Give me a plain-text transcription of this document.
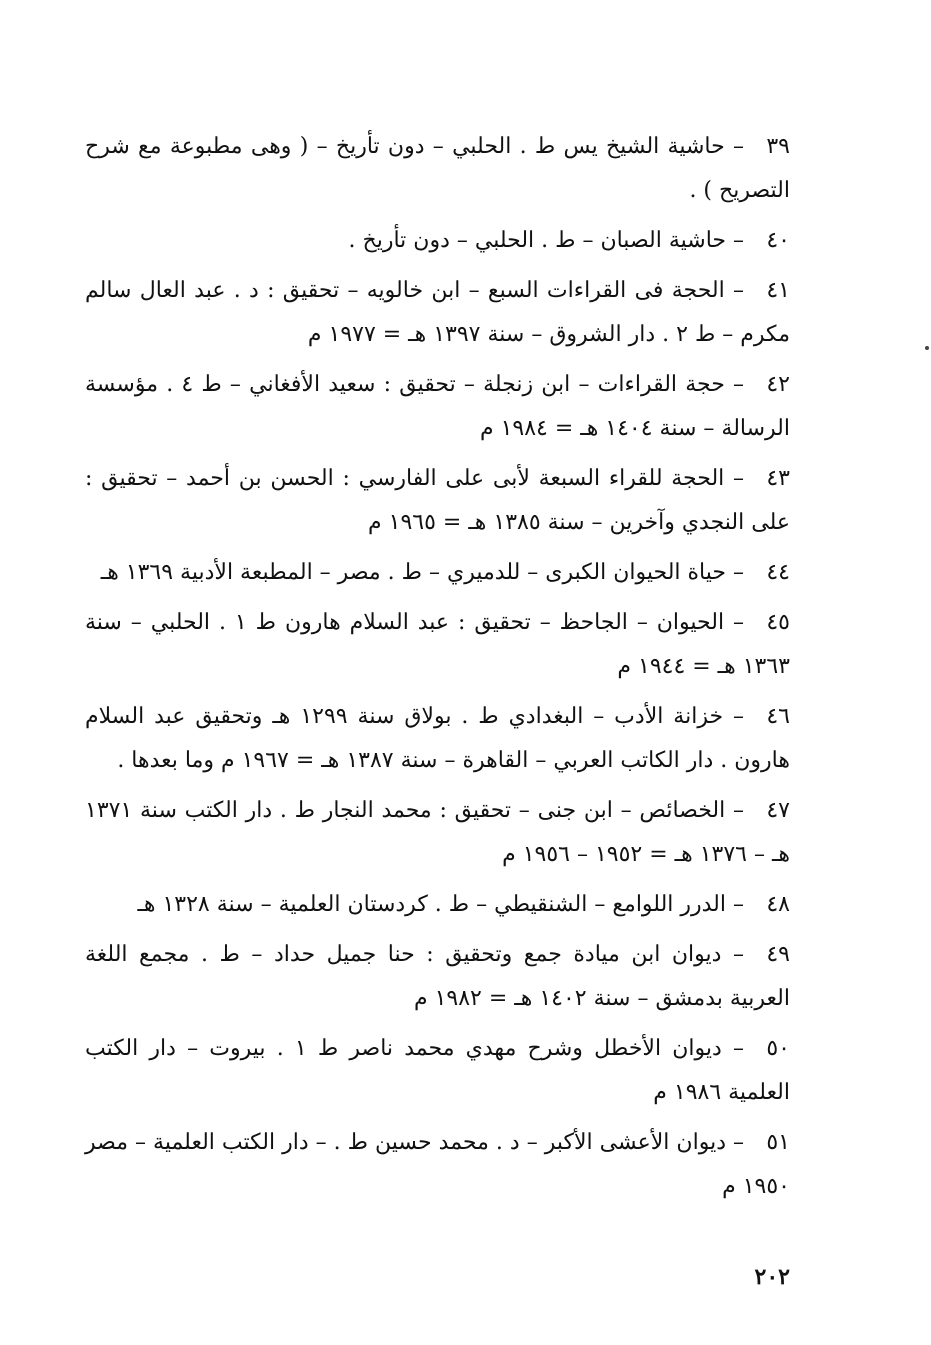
٣٩– حاشية الشيخ يس ط . الحلبي – دون تأريخ – ( وهى مطبوعة مع شرح التصريح ) .

٤٠– حاشية الصبان – ط . الحلبي – دون تأريخ .

٤١– الحجة فى القراءات السبع – ابن خالويه – تحقيق : د . عبد العال سالم مكرم – ط ٢ . دار الشروق – سنة ١٣٩٧ هـ = ١٩٧٧ م

٤٢– حجة القراءات – ابن زنجلة – تحقيق : سعيد الأفغاني – ط ٤ . مؤسسة الرسالة – سنة ١٤٠٤ هـ = ١٩٨٤ م

٤٣– الحجة للقراء السبعة لأبى على الفارسي : الحسن بن أحمد – تحقيق : على النجدي وآخرين – سنة ١٣٨٥ هـ = ١٩٦٥ م

٤٤– حياة الحيوان الكبرى – للدميري – ط . مصر – المطبعة الأدبية ١٣٦٩ هـ

٤٥– الحيوان – الجاحظ – تحقيق : عبد السلام هارون ط ١ . الحلبي – سنة ١٣٦٣ هـ = ١٩٤٤ م

٤٦– خزانة الأدب – البغدادي ط . بولاق سنة ١٢٩٩ هـ وتحقيق عبد السلام هارون . دار الكاتب العربي – القاهرة – سنة ١٣٨٧ هـ = ١٩٦٧ م وما بعدها .

٤٧– الخصائص – ابن جنى – تحقيق : محمد النجار ط . دار الكتب سنة ١٣٧١ هـ – ١٣٧٦ هـ = ١٩٥٢ – ١٩٥٦ م

٤٨– الدرر اللوامع – الشنقيطي – ط . كردستان العلمية – سنة ١٣٢٨ هـ

٤٩– ديوان ابن ميادة جمع وتحقيق : حنا جميل حداد – ط . مجمع اللغة العربية بدمشق – سنة ١٤٠٢ هـ = ١٩٨٢ م

٥٠– ديوان الأخطل وشرح مهدي محمد ناصر ط ١ . بيروت – دار الكتب العلمية ١٩٨٦ م

٥١– ديوان الأعشى الأكبر – د . محمد حسين ط . – دار الكتب العلمية – مصر ١٩٥٠ م

٢٠٢
